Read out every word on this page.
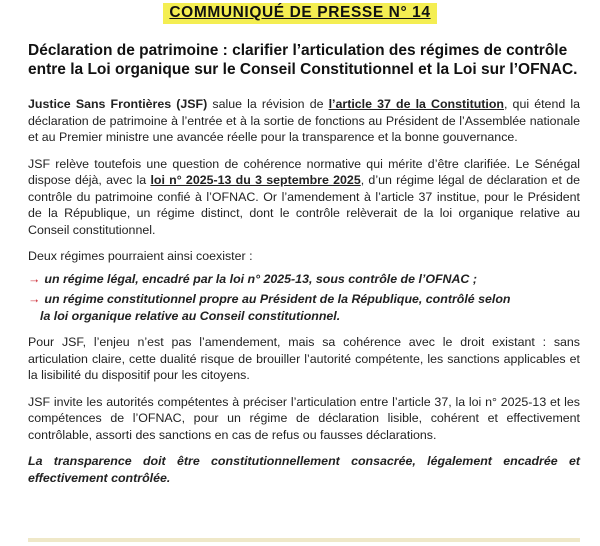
COMMUNIQUÉ DE PRESSE N° 14
Déclaration de patrimoine : clarifier l’articulation des régimes de contrôle entre la Loi organique sur le Conseil Constitutionnel et la Loi sur l’OFNAC.

Justice Sans Frontières (JSF) salue la révision de l’article 37 de la Constitution, qui étend la déclaration de patrimoine à l’entrée et à la sortie de fonctions au Président de l’Assemblée nationale et au Premier ministre une avancée réelle pour la transparence et la bonne gouvernance.

JSF relève toutefois une question de cohérence normative qui mérite d’être clarifiée. Le Sénégal dispose déjà, avec la loi n° 2025-13 du 3 septembre 2025, d’un régime légal de déclaration et de contrôle du patrimoine confié à l’OFNAC. Or l’amendement à l’article 37 institue, pour le Président de la République, un régime distinct, dont le contrôle relèverait de la loi organique relative au Conseil constitutionnel.

Deux régimes pourraient ainsi coexister :

→ un régime légal, encadré par la loi n° 2025-13, sous contrôle de l’OFNAC ;
→ un régime constitutionnel propre au Président de la République, contrôlé selon
la loi organique relative au Conseil constitutionnel.

Pour JSF, l’enjeu n’est pas l’amendement, mais sa cohérence avec le droit existant : sans articulation claire, cette dualité risque de brouiller l’autorité compétente, les sanctions applicables et la lisibilité du dispositif pour les citoyens.

JSF invite les autorités compétentes à préciser l’articulation entre l’article 37, la loi n° 2025-13 et les compétences de l’OFNAC, pour un régime de déclaration lisible, cohérent et effectivement contrôlable, assorti des sanctions en cas de refus ou fausses déclarations.

La transparence doit être constitutionnellement consacrée, légalement encadrée et effectivement contrôlée.
